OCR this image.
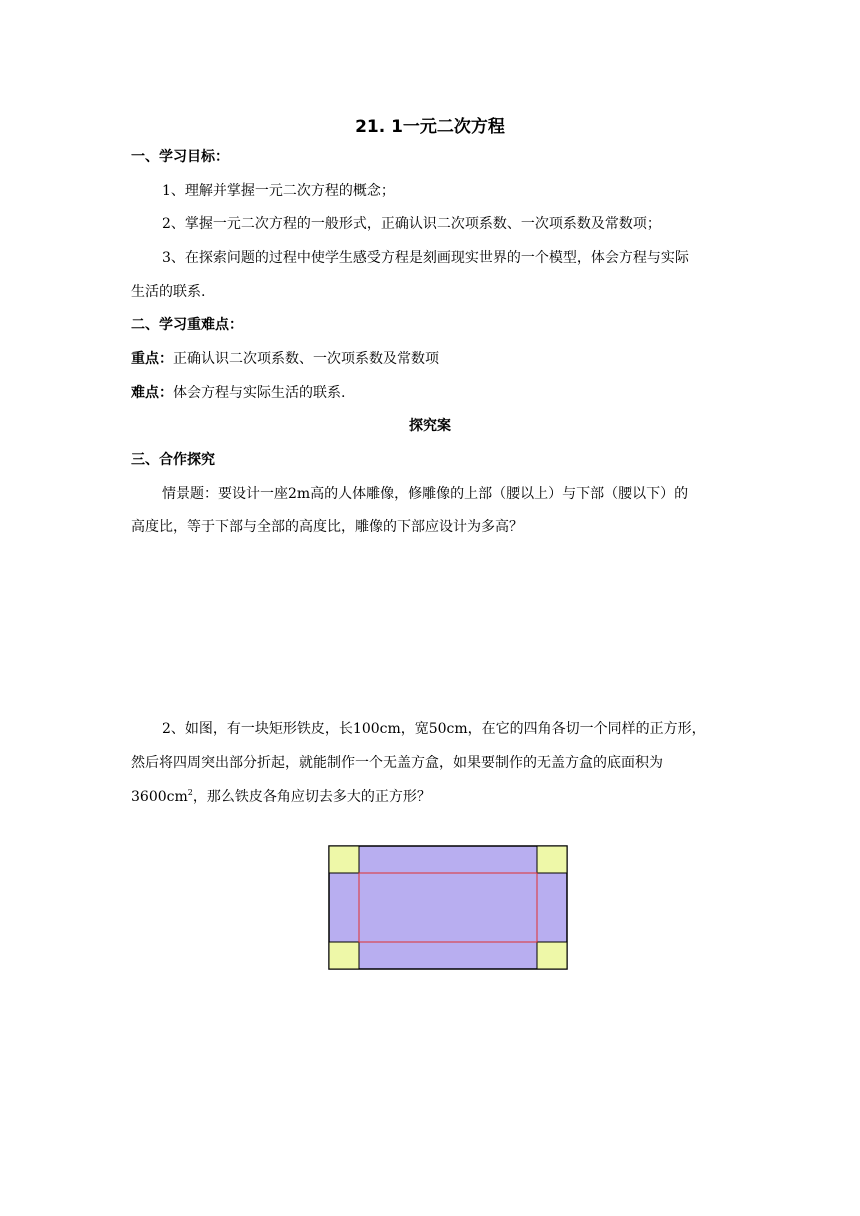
21. 1一元二次方程
一、学习目标：
1、理解并掌握一元二次方程的概念；
2、掌握一元二次方程的一般形式，正确认识二次项系数、一次项系数及常数项；
3、在探索问题的过程中使学生感受方程是刻画现实世界的一个模型，体会方程与实际
生活的联系.
二、学习重难点：
重点：正确认识二次项系数、一次项系数及常数项
难点：体会方程与实际生活的联系.
探究案
三、合作探究
情景题：要设计一座2m高的人体雕像，修雕像的上部（腰以上）与下部（腰以下）的
高度比，等于下部与全部的高度比，雕像的下部应设计为多高？
2、如图，有一块矩形铁皮，长100cm，宽50cm，在它的四角各切一个同样的正方形，
然后将四周突出部分折起，就能制作一个无盖方盒，如果要制作的无盖方盒的底面积为
$3600cm^2$，那么铁皮各角应切去多大的正方形？
